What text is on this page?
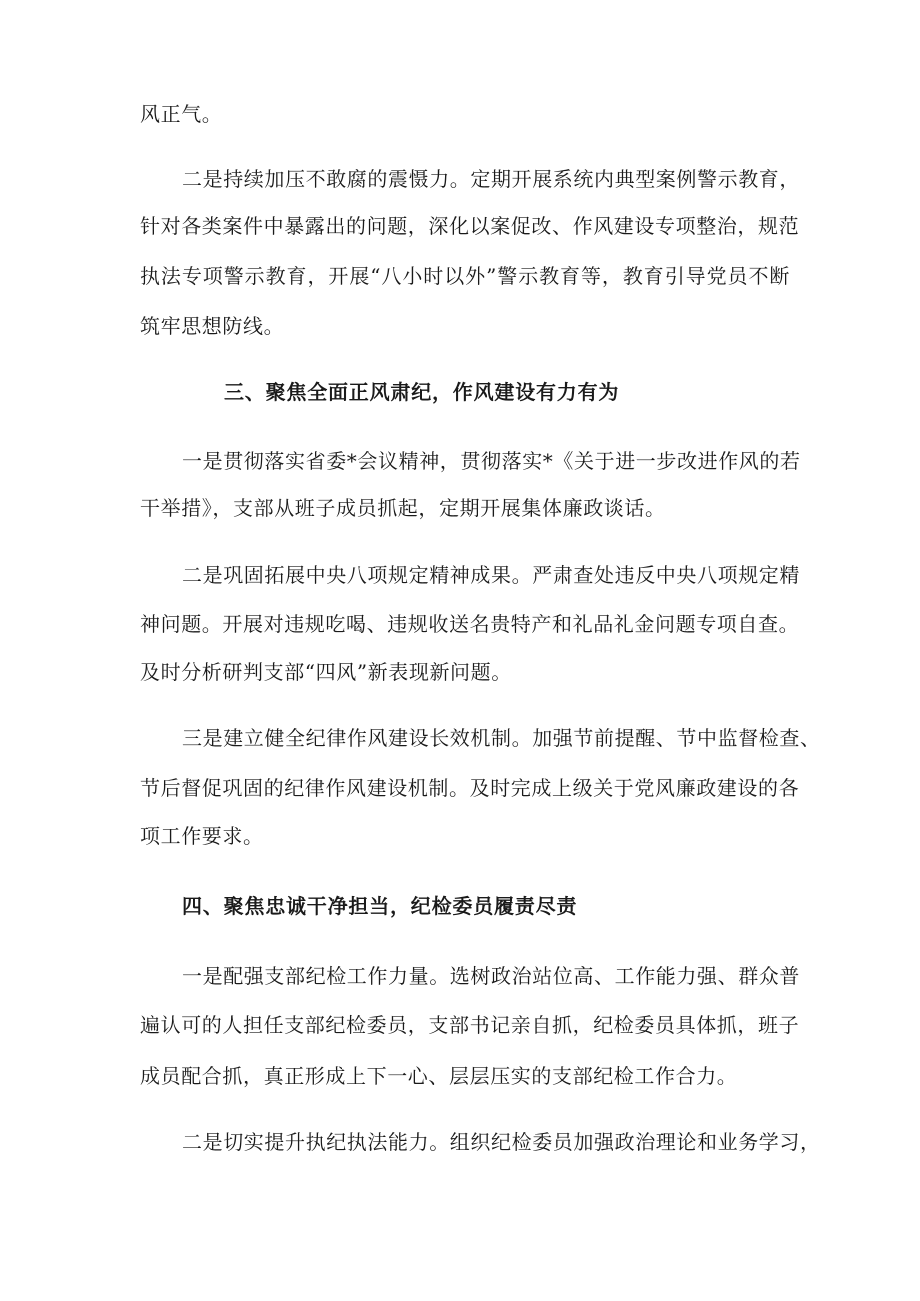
风正气。
二是持续加压不敢腐的震慑力。定期开展系统内典型案例警示教育，
针对各类案件中暴露出的问题，深化以案促改、作风建设专项整治，规范
执法专项警示教育，开展“八小时以外”警示教育等，教育引导党员不断
筑牢思想防线。
三、聚焦全面正风肃纪，作风建设有力有为
一是贯彻落实省委*会议精神，贯彻落实*《关于进一步改进作风的若
干举措》，支部从班子成员抓起，定期开展集体廉政谈话。
二是巩固拓展中央八项规定精神成果。严肃查处违反中央八项规定精
神问题。开展对违规吃喝、违规收送名贵特产和礼品礼金问题专项自查。
及时分析研判支部“四风”新表现新问题。
三是建立健全纪律作风建设长效机制。加强节前提醒、节中监督检查、
节后督促巩固的纪律作风建设机制。及时完成上级关于党风廉政建设的各
项工作要求。
四、聚焦忠诚干净担当，纪检委员履责尽责
一是配强支部纪检工作力量。选树政治站位高、工作能力强、群众普
遍认可的人担任支部纪检委员，支部书记亲自抓，纪检委员具体抓，班子
成员配合抓，真正形成上下一心、层层压实的支部纪检工作合力。
二是切实提升执纪执法能力。组织纪检委员加强政治理论和业务学习，
